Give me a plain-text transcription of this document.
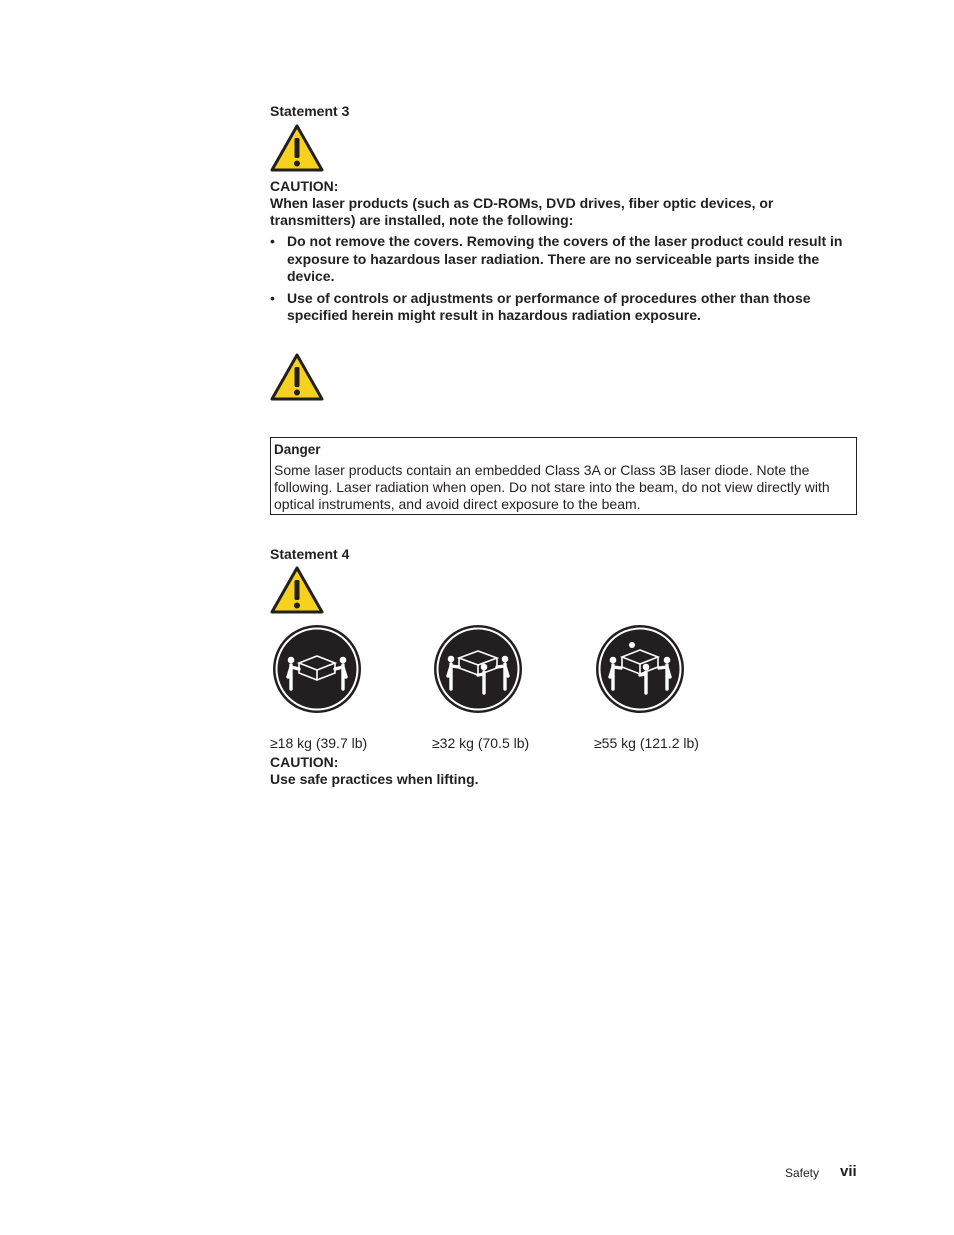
Statement 3
CAUTION:
When laser products (such as CD-ROMs, DVD drives, fiber optic devices, or transmitters) are installed, note the following:
• Do not remove the covers. Removing the covers of the laser product could result in exposure to hazardous laser radiation. There are no serviceable parts inside the device.
• Use of controls or adjustments or performance of procedures other than those specified herein might result in hazardous radiation exposure.
Danger
Some laser products contain an embedded Class 3A or Class 3B laser diode. Note the following. Laser radiation when open. Do not stare into the beam, do not view directly with optical instruments, and avoid direct exposure to the beam.
Statement 4
≥18 kg (39.7 lb)	≥32 kg (70.5 lb)	≥55 kg (121.2 lb)
CAUTION:
Use safe practices when lifting.
Safety vii
